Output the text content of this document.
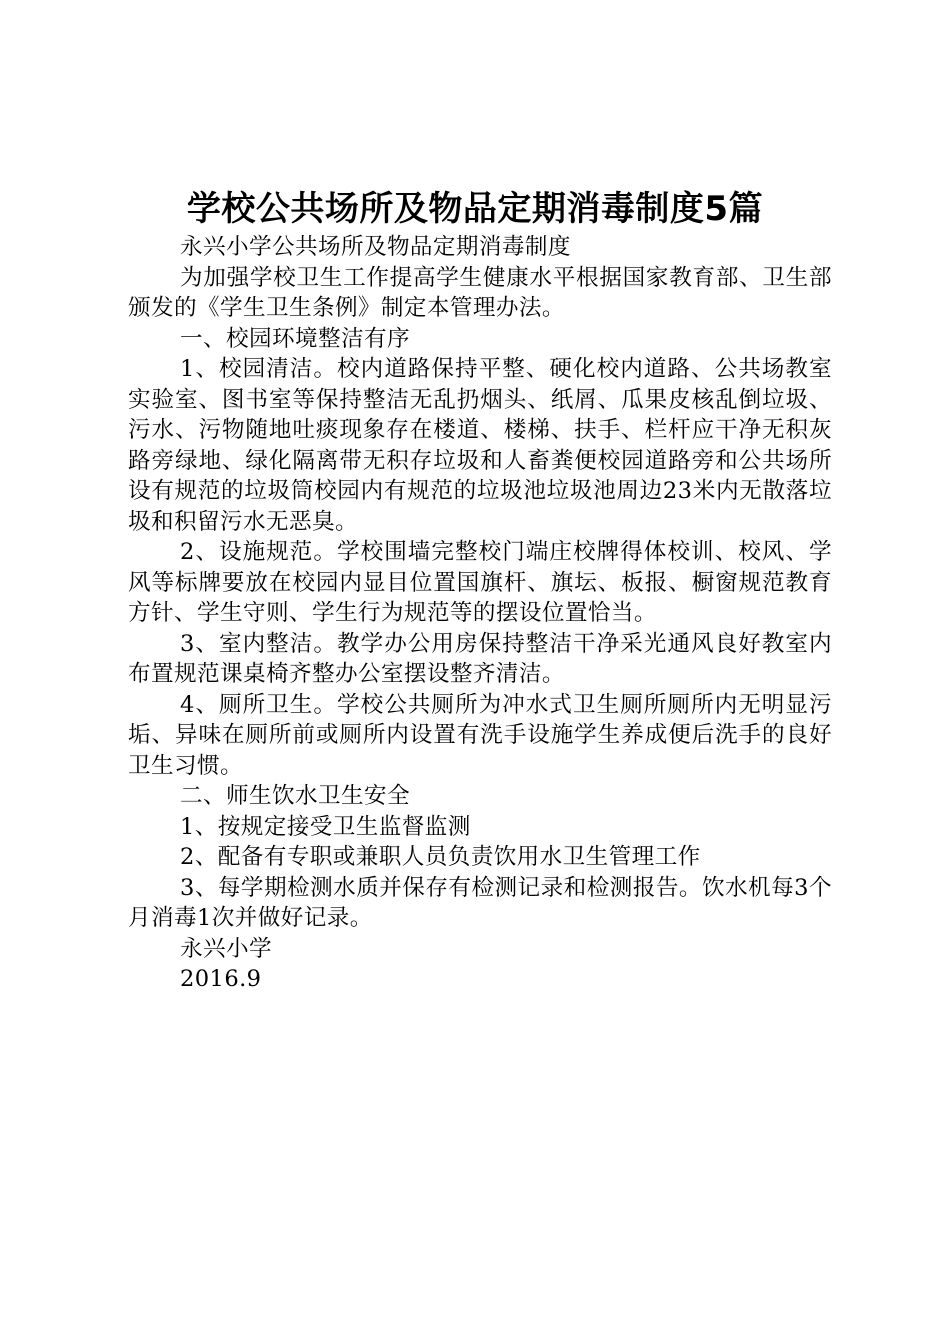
学校公共场所及物品定期消毒制度5篇

永兴小学公共场所及物品定期消毒制度

为加强学校卫生工作提高学生健康水平根据国家教育部、卫生部颁发的《学生卫生条例》制定本管理办法。

一、校园环境整洁有序

1、校园清洁。校内道路保持平整、硬化校内道路、公共场教室实验室、图书室等保持整洁无乱扔烟头、纸屑、瓜果皮核乱倒垃圾、污水、污物随地吐痰现象存在楼道、楼梯、扶手、栏杆应干净无积灰路旁绿地、绿化隔离带无积存垃圾和人畜粪便校园道路旁和公共场所设有规范的垃圾筒校园内有规范的垃圾池垃圾池周边23米内无散落垃圾和积留污水无恶臭。

2、设施规范。学校围墙完整校门端庄校牌得体校训、校风、学风等标牌要放在校园内显目位置国旗杆、旗坛、板报、橱窗规范教育方针、学生守则、学生行为规范等的摆设位置恰当。

3、室内整洁。教学办公用房保持整洁干净采光通风良好教室内布置规范课桌椅齐整办公室摆设整齐清洁。

4、厕所卫生。学校公共厕所为冲水式卫生厕所厕所内无明显污垢、异味在厕所前或厕所内设置有洗手设施学生养成便后洗手的良好卫生习惯。

二、师生饮水卫生安全

1、按规定接受卫生监督监测

2、配备有专职或兼职人员负责饮用水卫生管理工作

3、每学期检测水质并保存有检测记录和检测报告。饮水机每3个月消毒1次并做好记录。

永兴小学

2016.9
